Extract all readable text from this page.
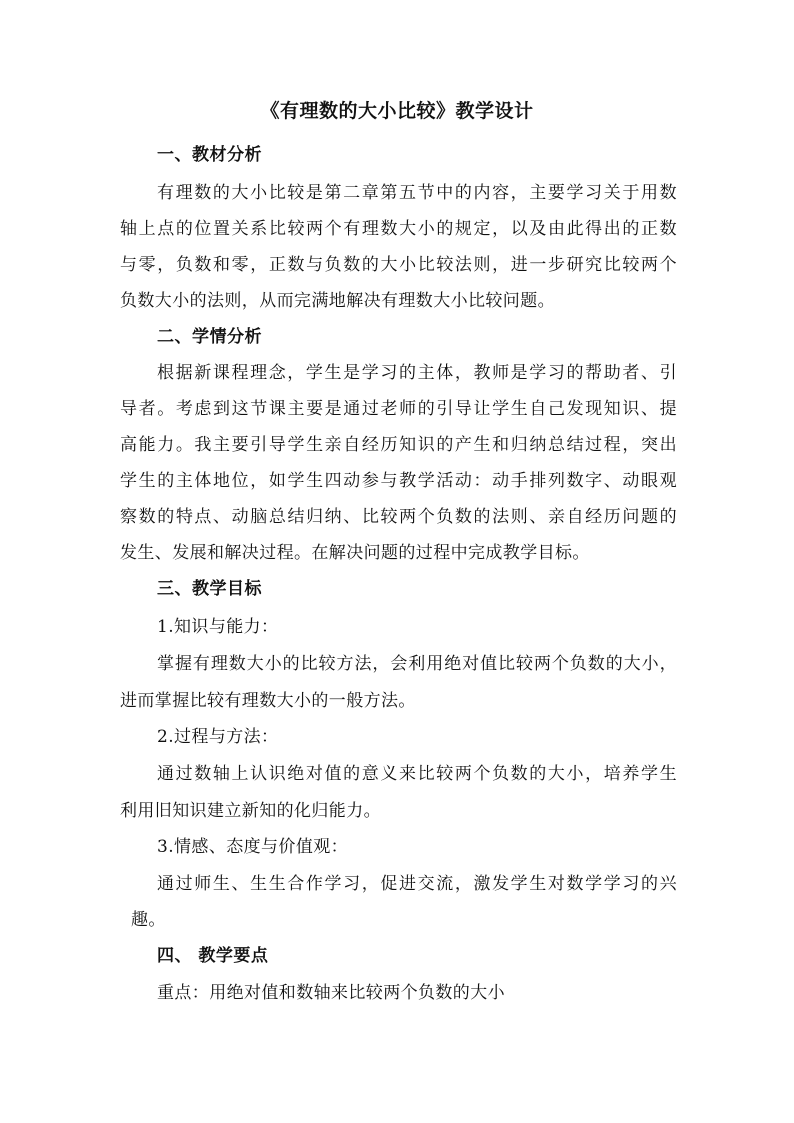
《有理数的大小比较》教学设计
一、教材分析
有理数的大小比较是第二章第五节中的内容，主要学习关于用数
轴上点的位置关系比较两个有理数大小的规定，以及由此得出的正数
与零，负数和零，正数与负数的大小比较法则，进一步研究比较两个
负数大小的法则，从而完满地解决有理数大小比较问题。
二、学情分析
根据新课程理念，学生是学习的主体，教师是学习的帮助者、引
导者。考虑到这节课主要是通过老师的引导让学生自己发现知识、提
高能力。我主要引导学生亲自经历知识的产生和归纳总结过程，突出
学生的主体地位，如学生四动参与教学活动：动手排列数字、动眼观
察数的特点、动脑总结归纳、比较两个负数的法则、亲自经历问题的
发生、发展和解决过程。在解决问题的过程中完成教学目标。
三、教学目标
1.知识与能力：
掌握有理数大小的比较方法，会利用绝对值比较两个负数的大小，
进而掌握比较有理数大小的一般方法。
2.过程与方法：
通过数轴上认识绝对值的意义来比较两个负数的大小，培养学生
利用旧知识建立新知的化归能力。
3.情感、态度与价值观：
通过师生、生生合作学习，促进交流，激发学生对数学学习的兴
趣。
四、 教学要点
重点：用绝对值和数轴来比较两个负数的大小
